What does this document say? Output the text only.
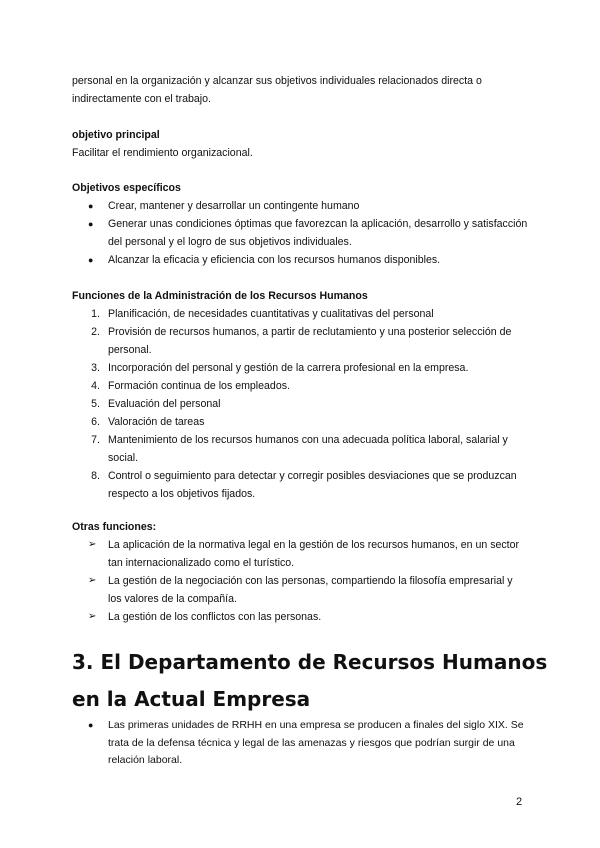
personal en la organización y alcanzar sus objetivos individuales relacionados directa o indirectamente con el trabajo.
objetivo principal
Facilitar el rendimiento organizacional.
Objetivos específicos
● Crear, mantener y desarrollar un contingente humano
● Generar unas condiciones óptimas que favorezcan la aplicación, desarrollo y satisfacción del personal y el logro de sus objetivos individuales.
● Alcanzar la eficacia y eficiencia con los recursos humanos disponibles.
Funciones de la Administración de los Recursos Humanos
1. Planificación, de necesidades cuantitativas y cualitativas del personal
2. Provisión de recursos humanos, a partir de reclutamiento y una posterior selección de personal.
3. Incorporación del personal y gestión de la carrera profesional en la empresa.
4. Formación continua de los empleados.
5. Evaluación del personal
6. Valoración de tareas
7. Mantenimiento de los recursos humanos con una adecuada política laboral, salarial y social.
8. Control o seguimiento para detectar y corregir posibles desviaciones que se produzcan respecto a los objetivos fijados.
Otras funciones:
➢ La aplicación de la normativa legal en la gestión de los recursos humanos, en un sector tan internacionalizado como el turístico.
➢ La gestión de la negociación con las personas, compartiendo la filosofía empresarial y los valores de la compañía.
➢ La gestión de los conflictos con las personas.
3. El Departamento de Recursos Humanos en la Actual Empresa
● Las primeras unidades de RRHH en una empresa se producen a finales del siglo XIX. Se trata de la defensa técnica y legal de las amenazas y riesgos que podrían surgir de una relación laboral.
2
